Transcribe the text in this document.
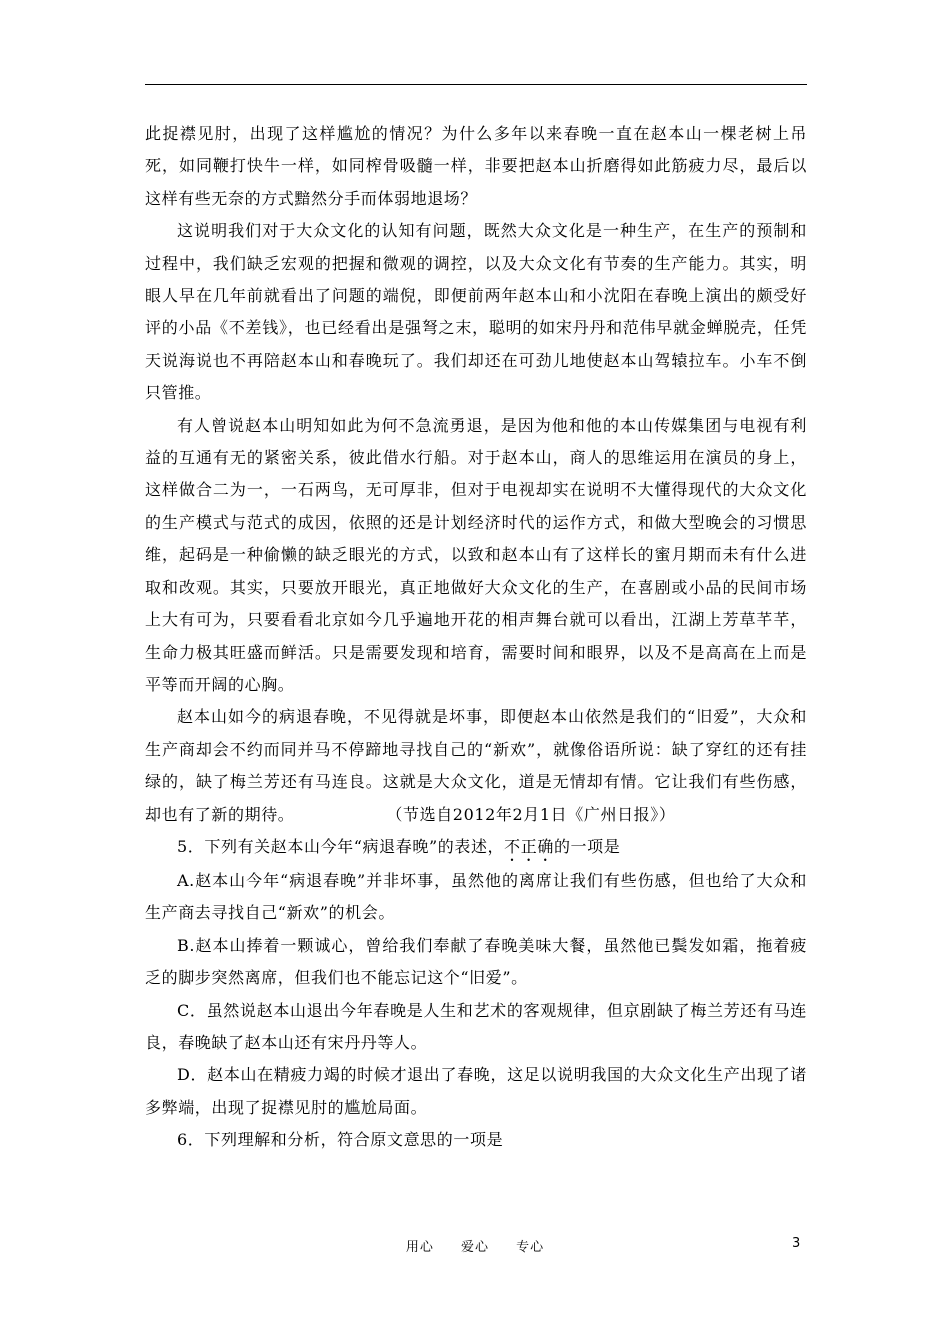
此捉襟见肘，出现了这样尴尬的情况？为什么多年以来春晚一直在赵本山一棵老树上吊死，如同鞭打快牛一样，如同榨骨吸髓一样，非要把赵本山折磨得如此筋疲力尽，最后以这样有些无奈的方式黯然分手而体弱地退场？

这说明我们对于大众文化的认知有问题，既然大众文化是一种生产，在生产的预制和过程中，我们缺乏宏观的把握和微观的调控，以及大众文化有节奏的生产能力。其实，明眼人早在几年前就看出了问题的端倪，即便前两年赵本山和小沈阳在春晚上演出的颇受好评的小品《不差钱》，也已经看出是强弩之末，聪明的如宋丹丹和范伟早就金蝉脱壳，任凭天说海说也不再陪赵本山和春晚玩了。我们却还在可劲儿地使赵本山驾辕拉车。小车不倒只管推。

有人曾说赵本山明知如此为何不急流勇退，是因为他和他的本山传媒集团与电视有利益的互通有无的紧密关系，彼此借水行船。对于赵本山，商人的思维运用在演员的身上，这样做合二为一，一石两鸟，无可厚非，但对于电视却实在说明不大懂得现代的大众文化的生产模式与范式的成因，依照的还是计划经济时代的运作方式，和做大型晚会的习惯思维，起码是一种偷懒的缺乏眼光的方式，以致和赵本山有了这样长的蜜月期而未有什么进取和改观。其实，只要放开眼光，真正地做好大众文化的生产，在喜剧或小品的民间市场上大有可为，只要看看北京如今几乎遍地开花的相声舞台就可以看出，江湖上芳草芊芊，生命力极其旺盛而鲜活。只是需要发现和培育，需要时间和眼界，以及不是高高在上而是平等而开阔的心胸。

赵本山如今的病退春晚，不见得就是坏事，即便赵本山依然是我们的“旧爱”，大众和生产商却会不约而同并马不停蹄地寻找自己的“新欢”，就像俗语所说：缺了穿红的还有挂绿的，缺了梅兰芳还有马连良。这就是大众文化，道是无情却有情。它让我们有些伤感，却也有了新的期待。	（节选自2012年2月1日《广州日报》）

5．下列有关赵本山今年“病退春晚”的表述，不正确的一项是

A.赵本山今年“病退春晚”并非坏事，虽然他的离席让我们有些伤感，但也给了大众和生产商去寻找自己“新欢”的机会。

B.赵本山捧着一颗诚心，曾给我们奉献了春晚美味大餐，虽然他已鬓发如霜，拖着疲乏的脚步突然离席，但我们也不能忘记这个“旧爱”。

C．虽然说赵本山退出今年春晚是人生和艺术的客观规律，但京剧缺了梅兰芳还有马连良，春晚缺了赵本山还有宋丹丹等人。

D．赵本山在精疲力竭的时候才退出了春晚，这足以说明我国的大众文化生产出现了诸多弊端，出现了捉襟见肘的尴尬局面。

6．下列理解和分析，符合原文意思的一项是

用心 爱心 专心	3
